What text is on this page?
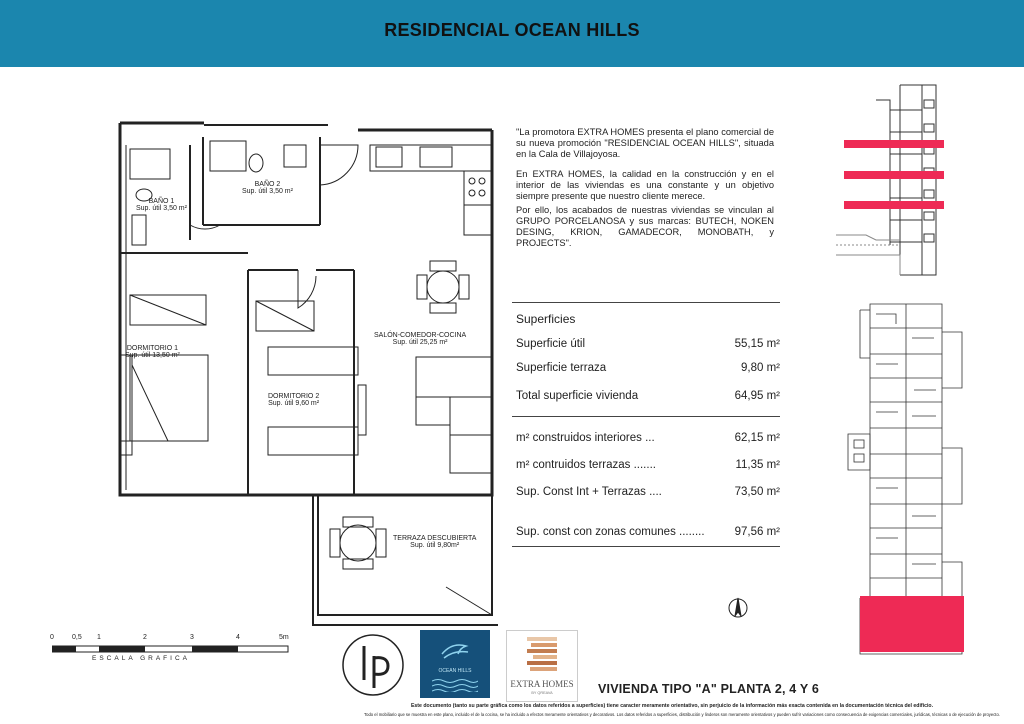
RESIDENCIAL OCEAN HILLS
BAÑO 1
Sup. útil 3,50 m²
BAÑO 2
Sup. útil 3,50 m²
DORMITORIO 1
Sup. útil 13,50 m²
DORMITORIO 2
Sup. útil 9,60 m²
SALÓN-COMEDOR-COCINA
Sup. útil 25,25 m²
TERRAZA DESCUBIERTA
Sup. útil 9,80m²

"La promotora EXTRA HOMES presenta el plano comercial de su nueva promoción "RESIDENCIAL OCEAN HILLS", situada en la Cala de Villajoyosa.

En EXTRA HOMES, la calidad en la construcción y en el interior de las viviendas es una constante y un objetivo siempre presente que nuestro cliente merece.

Por ello, los acabados de nuestras viviendas se vinculan al GRUPO PORCELANOSA y sus marcas: BUTECH, NOKEN DESING, KRION, GAMADECOR, MONOBATH, y PROJECTS".

Superficies
Superficie útil	55,15 m²
Superficie terraza	9,80 m²
Total superficie vivienda	64,95 m²
m² construidos interiores ...	62,15 m²
m² contruidos terrazas .......	11,35 m²
Sup. Const Int + Terrazas ....	73,50 m²
Sup. const con zonas comunes ........	97,56 m²
0	0,5 1	2	3	4	5m
ESCALA GRAFICA
OCEAN HILLS
EXTRA HOMES
BY QREAVA	VIVIENDA TIPO "A" PLANTA 2, 4 Y 6
Este documento (tanto su parte gráfica como los datos referidos a superficies) tiene caracter meramente orientativo, sin perjuicio de la información más exacta contenida en la documentación técnica del edificio.
Todo el mobiliario que se muestra en este plano, incluido el de la cocina, se ha incluido a efectos meramente orientativos y decorativos. Los datos referidos a superficies, distribución y linderos son meramente orientativos y pueden sufrir variaciones como consecuencia de exigencias comerciales, jurídicas, técnicas o de ejecución de proyecto.
